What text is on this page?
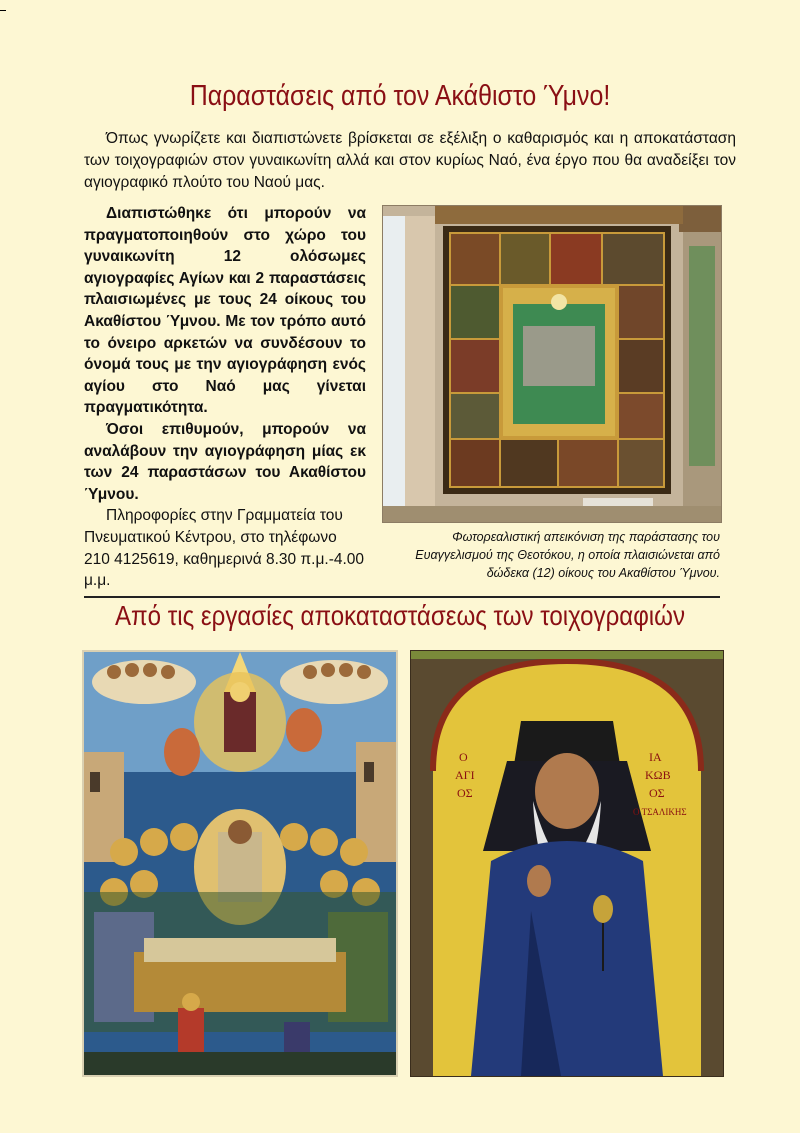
Παραστάσεις από τον Ακάθιστο Ύμνο!

Όπως γνωρίζετε και διαπιστώνετε βρίσκεται σε εξέλιξη ο καθαρισμός και η αποκατάσταση των τοιχογραφιών στον γυναικωνίτη αλλά και στον κυρίως Ναό, ένα έργο που θα αναδείξει τον αγιογραφικό πλούτο του Ναού μας.

Διαπιστώθηκε ότι μπορούν να πραγματοποιηθούν στο χώρο του γυναικωνίτη 12 ολόσωμες αγιογραφίες Αγίων και 2 παραστάσεις πλαισιωμένες με τους 24 οίκους του Ακαθίστου Ύμνου. Με τον τρόπο αυτό το όνειρο αρκετών να συνδέσουν το όνομά τους με την αγιογράφηση ενός αγίου στο Ναό μας γίνεται πραγματικότητα.

Όσοι επιθυμούν, μπορούν να αναλάβουν την αγιογράφηση μίας εκ των 24 παραστάσων του Ακαθίστου Ύμνου.

Πληροφορίες στην Γραμματεία του Πνευματικού Κέντρου, στο τηλέφωνο 210 4125619, καθημερινά 8.30 π.μ.-4.00 μ.μ.

Φωτορεαλιστική απεικόνιση της παράστασης του Ευαγγελισμού της Θεοτόκου, η οποία πλαισιώνεται από δώδεκα (12) οίκους του Ακαθίστου Ύμνου.
Από τις εργασίες αποκαταστάσεως των τοιχογραφιών
Ο
ΑΓΙ
ΟΣ
ΙΑ
ΚΩΒ
ΟΣ
Ο ΤΣΑΛΙΚΗΣ
